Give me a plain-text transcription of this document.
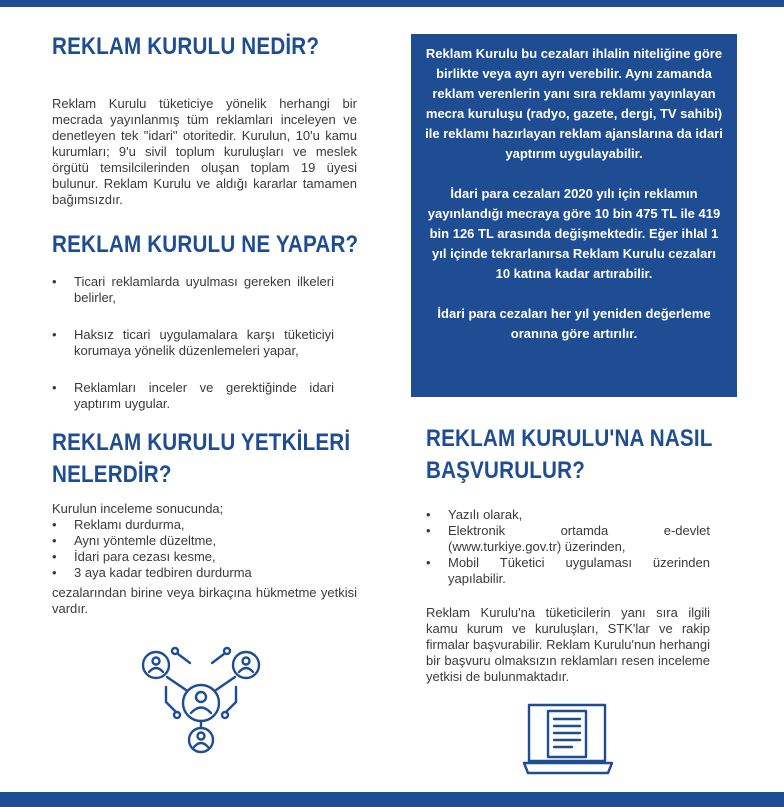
REKLAM KURULU NEDİR?

Reklam Kurulu tüketiciye yönelik herhangi bir mecrada yayınlanmış tüm reklamları inceleyen ve denetleyen tek "idari" otoritedir. Kurulun, 10'u kamu kurumları; 9'u sivil toplum kuruluşları ve meslek örgütü temsilcilerinden oluşan toplam 19 üyesi bulunur. Reklam Kurulu ve aldığı kararlar tamamen bağımsızdır.

REKLAM KURULU NE YAPAR?
• Ticari reklamlarda uyulması gereken ilkeleri belirler,
• Haksız ticari uygulamalara karşı tüketiciyi korumaya yönelik düzenlemeleri yapar,
• Reklamları inceler ve gerektiğinde idari yaptırım uygular.
REKLAM KURULU YETKİLERİ
NELERDİR?

Kurulun inceleme sonucunda;

• Reklamı durdurma,
• Aynı yöntemle düzeltme,
• İdari para cezası kesme,
• 3 aya kadar tedbiren durdurma

cezalarından birine veya birkaçına hükmetme yetkisi vardır.

Reklam Kurulu bu cezaları ihlalin niteliğine göre birlikte veya ayrı ayrı verebilir. Aynı zamanda reklam verenlerin yanı sıra reklamı yayınlayan mecra kuruluşu (radyo, gazete, dergi, TV sahibi) ile reklamı hazırlayan reklam ajanslarına da idari yaptırım uygulayabilir.

İdari para cezaları 2020 yılı için reklamın yayınlandığı mecraya göre 10 bin 475 TL ile 419 bin 126 TL arasında değişmektedir. Eğer ihlal 1 yıl içinde tekrarlanırsa Reklam Kurulu cezaları 10 katına kadar artırabilir.

İdari para cezaları her yıl yeniden değerleme oranına göre artırılır.

REKLAM KURULU'NA NASIL
BAŞVURULUR?
• Yazılı olarak,
• Elektronik ortamda e-devlet (www.turkiye.gov.tr) üzerinden,
• Mobil Tüketici uygulaması üzerinden yapılabilir.

Reklam Kurulu'na tüketicilerin yanı sıra ilgili kamu kurum ve kuruluşları, STK'lar ve rakip firmalar başvurabilir. Reklam Kurulu'nun herhangi bir başvuru olmaksızın reklamları resen inceleme yetkisi de bulunmaktadır.
